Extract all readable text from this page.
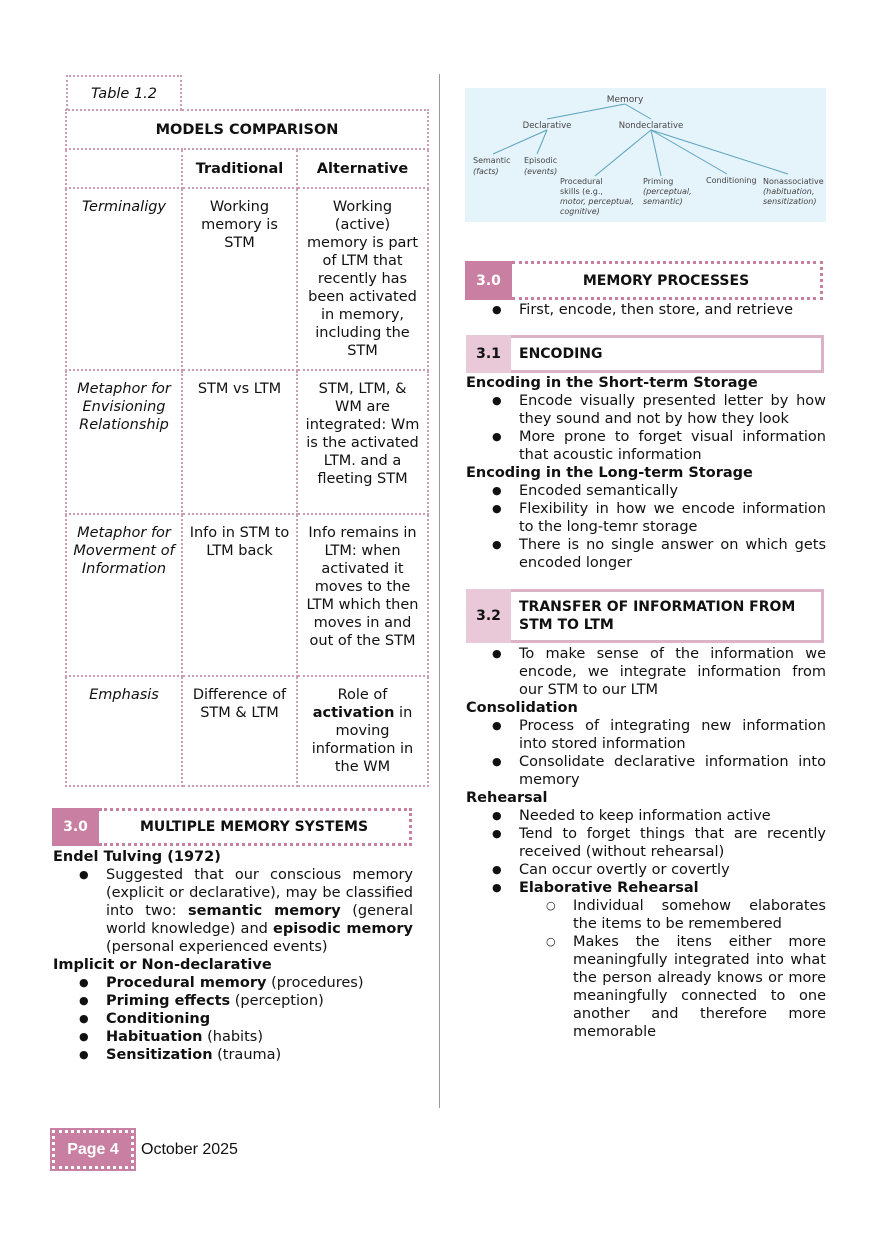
Table 1.2
MODELS COMPARISON		
	Traditional	Alternative
Terminaligy	Working memory is STM	Working (active) memory is part of LTM that recently has been activated in memory, including the STM
Metaphor for Envisioning Relationship	STM vs LTM	STM, LTM, & WM are integrated: Wm is the activated LTM. and a fleeting STM
Metaphor for Moverment of Information	Info in STM to LTM back	Info remains in LTM: when activated it moves to the LTM which then moves in and out of the STM
Emphasis	Difference of STM & LTM	Role of activation in moving information in the WM
3.0	MULTIPLE MEMORY SYSTEMS
Endel Tulving (1972)
● Suggested that our conscious memory (explicit or declarative), may be classified into two: semantic memory (general world knowledge) and episodic memory (personal experienced events)
Implicit or Non-declarative
● Procedural memory (procedures)
● Priming effects (perception)
● Conditioning
● Habituation (habits)
● Sensitization (trauma)
Memory
Declarative	Nondeclarative
Semantic (facts)
Episodic (events)
Procedural skills (e.g., motor, perceptual, cognitive)
Priming (perceptual, semantic)
Conditioning Nonassociative (habituation, sensitization)
3.0	MEMORY PROCESSES
● First, encode, then store, and retrieve
3.1	ENCODING
Encoding in the Short-term Storage
● Encode visually presented letter by how they sound and not by how they look
● More prone to forget visual information that acoustic information
Encoding in the Long-term Storage
● Encoded semantically
● Flexibility in how we encode information to the long-temr storage
● There is no single answer on which gets encoded longer
3.2
TRANSFER OF INFORMATION FROM
STM TO LTM
● To make sense of the information we encode, we integrate information from our STM to our LTM
Consolidation
● Process of integrating new information into stored information
● Consolidate declarative information into memory
Rehearsal
● Needed to keep information active
● Tend to forget things that are recently received (without rehearsal)
● Can occur overtly or covertly
● Elaborative Rehearsal
○ Individual somehow elaborates the items to be remembered
○ Makes the itens either more meaningfully integrated into what the person already knows or more meaningfully connected to one another and therefore more memorable
Page 4	October 2025
